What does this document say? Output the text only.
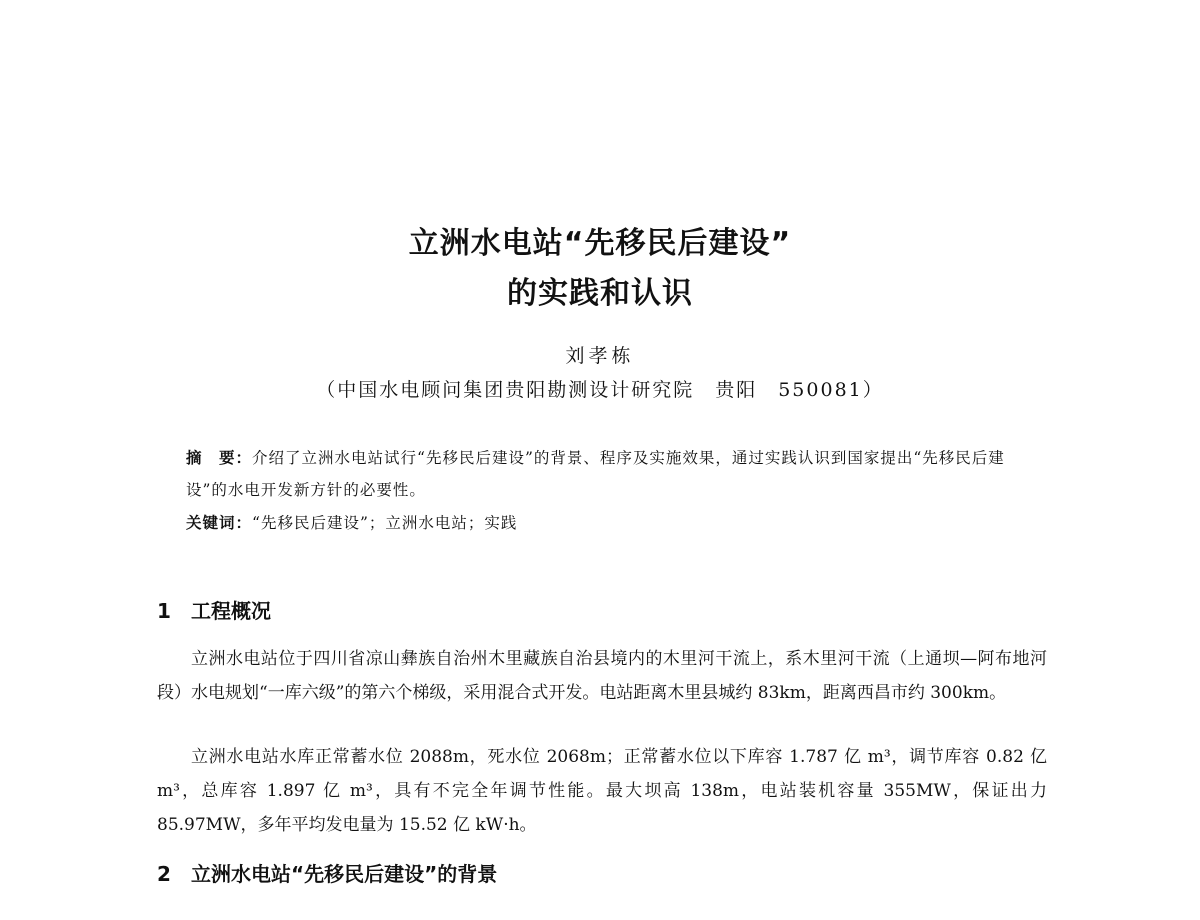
立洲水电站“先移民后建设”
的实践和认识
刘孝栋
（中国水电顾问集团贵阳勘测设计研究院　贵阳　550081）
摘　要：介绍了立洲水电站试行“先移民后建设”的背景、程序及实施效果，通过实践认识到国家提出“先移民后建设”的水电开发新方针的必要性。
关键词：“先移民后建设”；立洲水电站；实践
1 工程概况

立洲水电站位于四川省凉山彝族自治州木里藏族自治县境内的木里河干流上，系木里河干流（上通坝—阿布地河段）水电规划“一库六级”的第六个梯级，采用混合式开发。电站距离木里县城约 83km，距离西昌市约 300km。

立洲水电站水库正常蓄水位 2088m，死水位 2068m；正常蓄水位以下库容 1.787 亿 m³，调节库容 0.82 亿 m³，总库容 1.897 亿 m³，具有不完全年调节性能。最大坝高 138m，电站装机容量 355MW，保证出力 85.97MW，多年平均发电量为 15.52 亿 kW·h。

2 立洲水电站“先移民后建设”的背景
